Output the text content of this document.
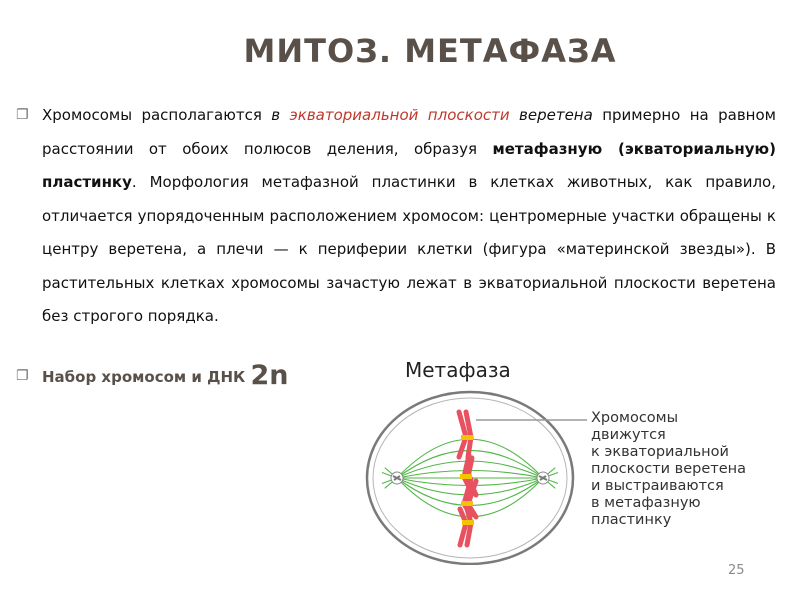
МИТОЗ. МЕТАФАЗА

❐ Хромосомы располагаются в экваториальной плоскости веретена примерно на равном расстоянии от обоих полюсов деления, образуя метафазную (экваториальную) пластинку. Морфология метафазной пластинки в клетках животных, как правило, отличается упорядоченным расположением хромосом: центромерные участки обращены к центру веретена, а плечи — к периферии клетки (фигура «материнской звезды»). В растительных клетках хромосомы зачастую лежат в экваториальной плоскости веретена без строгого порядка.

❐ Набор хромосом и ДНК 2n	Метафаза
Хромосомы
движутся
к экваториальной
плоскости веретена
и выстраиваются
в метафазную
пластинку
25
